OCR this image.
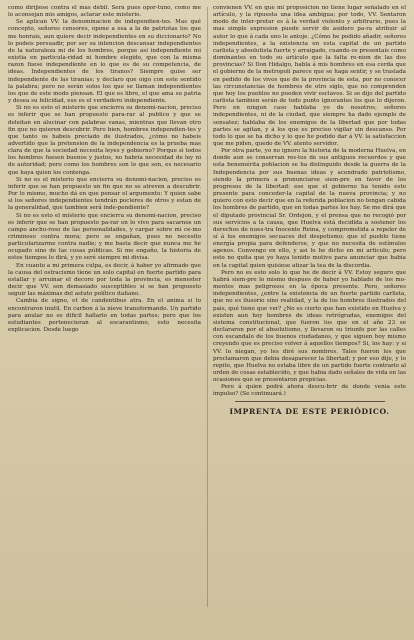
como dirijiese contra el mas débil. Será pues opor-tuno, como me lo aconsejan mis amigos, aclarar este misterio.

Se aplican VV. la denominacion de independien-tes. Mas qué concepto, señores censores, opone a esa a la de patriotas los que me honrais, aun quiere decir independientes en su diccionario? No lo podeis persuadir, por ser su intencion descansar independientes de la naturaleza mi de los hombres, porque asi independiente mi existia en particula-ridad ni hombre elegido, que con la misma razon fuese independiente en lo que es de su competencia, de ideas. Independientes de los tiranos? Siempre quise ser independiente de las tiranias; y declaro que oigo con este sentido la palabra; pero no serán solos los que se llaman independientes los que de este modo piensan. El que es libre, el que ama su patria y desea su felicidad, ese es el verdadero independiente.

Si no es esto el misterio que encierra su denomi-nacion, preciso es inferir que se han propuesto para-rar al publico y que se deleitan en alucinar con palabras vanas, mientras que llevan otro fin que no quieren descubrir. Pero bien, hombres independien-tes y que tanto os habeis preciado de ilustrados, ¿cómo no habeis advertido que la pretension de la independencia es la prueba mas clara de que la sociedad necesita leyes y gobierno? Porque si todos los hombres fuesen buenos y justos, no habria necesidad de ley ni de autoridad; pero como los hombres son lo que son, es necesario que haya quien los contenga.

Si no es el misterio que encierra su denomi-nacion, preciso es inferir que se han propuesto un fin que no se atreven a descubrir. Por lo mismo, mucho dá en que pensar el argumento: Y quien sabe si los señores independientes tendrán pocleres de otros y estan de la generalidad, que tambien será inde-pendiente?

Si no es esto el misterio que encierra su denomi-nacion, preciso es inferir que se han propuesto pa-rar en lo vivo para sacarnos un campo anchu-roso de las personalidades, y cargar sobre mi ce-mo criminoso contra mora; pero se engañan, pues no necesito particularizarme contra nadie; y me basta decir que nunca me he ocupado sino de las cosas públicas. Si me engaño, la historia de estos tiempos lo dirá, y yo seré siempre mi divisa.

En cuanto a mi primera culpa, es decir, á haber yo afirmado que la causa del ostracismo tiene un solo capital en fuerte partido para estallar y arruinar el decoro por toda la provincia, es menester decir que VV. son demasiado susceptibles si se han propuesto seguir las máximas del astuto político italiano.

Cambia de signo, et de candentibus atra. En el anima si lo encontraron inutil. En carbon á la nieve transformando. Un partido para anular no es dificil hallarlo en todas partes; pero que los estudiantes pertenecieran al escarantismo, esto necesita explicacion. Desde luego

convienen VV. en que mi proposicion no tiene lugar señalado en el artículo, y la ripuesta una idea ambigua; por todo, VV. Sentaron modo de inter-pretar es á la verdad violento y arbitrario, pues la mas simple expresion puede servir de asidero pa-ra atribuir al autor lo que á cada uno le antoje. ¿Cómo he podido añadir, señores independientes, a la existencia en esta capital de un partido carlista y absolutista fuerte y arraigado, cuando os presentais como dominantes en todo su artículo que la falta re-nion de las dos provincias? Si Don Hidalgo, habla á mis hombres en esa cerda que el gobierno de la metropoli parece que se haga sentir, y se traslada en pedido de los vivos que de la provincia de esta, por no conocer las circunstancias de hombres de otro siglo, que no comprenden que hoy los pueblos no pueden vivir esclavos. Si se dijo del partido carlista tambien serán de todo punto ignorantes los que lo dijeron. Pero en ningun caso hablaba yo de nosotros, señores independientes, ni de la ciudad, que siempre ha dado ejemplo de sensatez; hablaba de los enemigos de la libertad que por todas partes se agitan, y á los que es preciso vigilar sin descanso. Por todo lo que se ha dicho y lo que he podido dar á VV. la satisfaccion que me piden, quedo de VV. atento servidor.

Por otra parte, yo no ignoro la historia de la moderna Huelva, en donde aun se conservan res-tos de sus antiguos recuerdos y que esta benemérita poblacion se ha distinguido desde la guerra de la Independencia por sus buenas ideas y acendrado patriotismo, siendo la primera a pronunciarse siem-pre en favor de los progresos de la libertad: ese que el gobierno ha tenido esto presente para conceder-la capital de la nueva provincia; y no quiero con esto decir que en la referida poblacion no tengan cabida los hombres de partido, que en todas partes los hay. Se me dirá que el diputado provincial Sr. Ordejon, y el prensa que no recogió por sus servicios a la causa, que Huelva está decidida a sostener los derechos de nues-tra Inocente Reina, y comprometida a repeler de sí á los enemigos secuaces del despotismo; que el pueblo tiene energía propia para defenderse, y que no necesita de estímulos agenos. Convengo en ello, y asi lo he dicho en mi articulo; pero esto no quita que yo haya tenido motivo para anunciar que habia en la capital quien quisiese atizar la tea de la discordia.

Pero no es esto solo lo que he de decir á VV. Estoy seguro que habrá siem-pre lo mismo despues de haber yo hablado de los mo-mentos mas peligrosos en la época presente. Pero, señores independientes, ¿entre la existencia de un fuerte partido carlista, que no es ilusorio sino realidad, y la de los hombres ilustrados del pais, qué tiene que ver? ¿No es cierto que han existido en Huelva y existen aun hoy hombres de ideas retrógradas, enemigos del sistema constitucional, que fueron los que en el año 23 se declararon por el absolutismo, y llevaron su triunfo por las calles con escandalo de los buenos ciudadanos, y que siguen hoy mismo creyendo que es preciso volver á aquellos tiempos? Si, los hay: y si VV. lo niegan, yo les diré sus nombres. Tales fueron los que proclamaron que debia desaparecer la libertad; y por eso dije, y lo repito, que Huelva no estaba libre de un partido fuerte contrario al orden de cosas establecido, y que habia dado señales de vida en las ocasiones que se presentaron propicias.

Pero á quien podrá ahora descu-brir de donde venia este impulso? (Se continuará.)

IMPRENTA DE ESTE PERIÓDICO.
